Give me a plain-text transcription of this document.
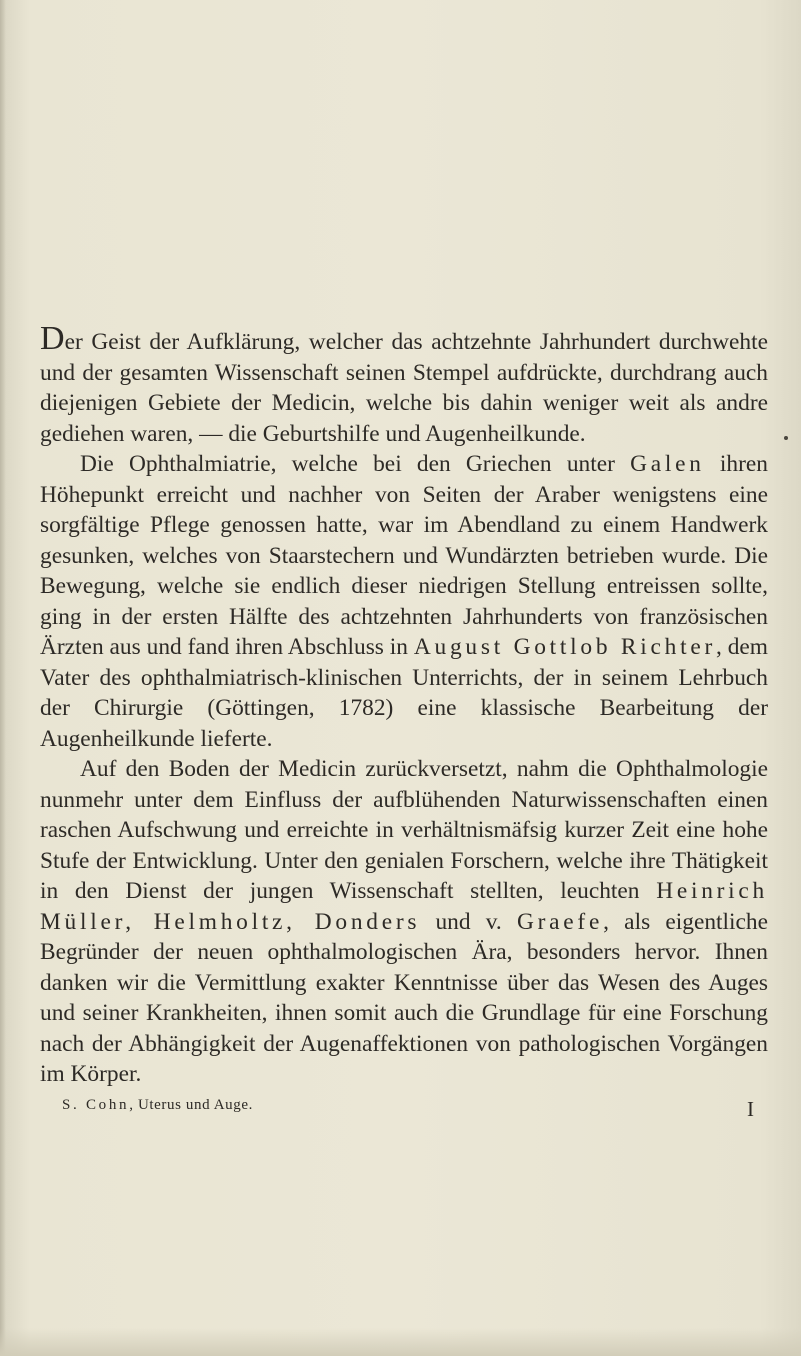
Der Geist der Aufklärung, welcher das achtzehnte Jahrhundert durchwehte und der gesamten Wissenschaft seinen Stempel aufdrückte, durchdrang auch diejenigen Gebiete der Medicin, welche bis dahin weniger weit als andre gediehen waren, — die Geburtshilfe und Augenheilkunde.

Die Ophthalmiatrie, welche bei den Griechen unter Galen ihren Höhepunkt erreicht und nachher von Seiten der Araber wenigstens eine sorgfältige Pflege genossen hatte, war im Abendland zu einem Handwerk gesunken, welches von Staarstechern und Wundärzten betrieben wurde. Die Bewegung, welche sie endlich dieser niedrigen Stellung entreissen sollte, ging in der ersten Hälfte des achtzehnten Jahrhunderts von französischen Ärzten aus und fand ihren Abschluss in August Gottlob Richter, dem Vater des ophthalmiatrisch-klinischen Unterrichts, der in seinem Lehrbuch der Chirurgie (Göttingen, 1782) eine klassische Bearbeitung der Augenheilkunde lieferte.

Auf den Boden der Medicin zurückversetzt, nahm die Ophthalmologie nunmehr unter dem Einfluss der aufblühenden Naturwissenschaften einen raschen Aufschwung und erreichte in verhältnismäfsig kurzer Zeit eine hohe Stufe der Entwicklung. Unter den genialen Forschern, welche ihre Thätigkeit in den Dienst der jungen Wissenschaft stellten, leuchten Heinrich Müller, Helmholtz, Donders und v. Graefe, als eigentliche Begründer der neuen ophthalmologischen Ära, besonders hervor. Ihnen danken wir die Vermittlung exakter Kenntnisse über das Wesen des Auges und seiner Krankheiten, ihnen somit auch die Grundlage für eine Forschung nach der Abhängigkeit der Augenaffektionen von pathologischen Vorgängen im Körper.

S. Cohn, Uterus und Auge.	I
